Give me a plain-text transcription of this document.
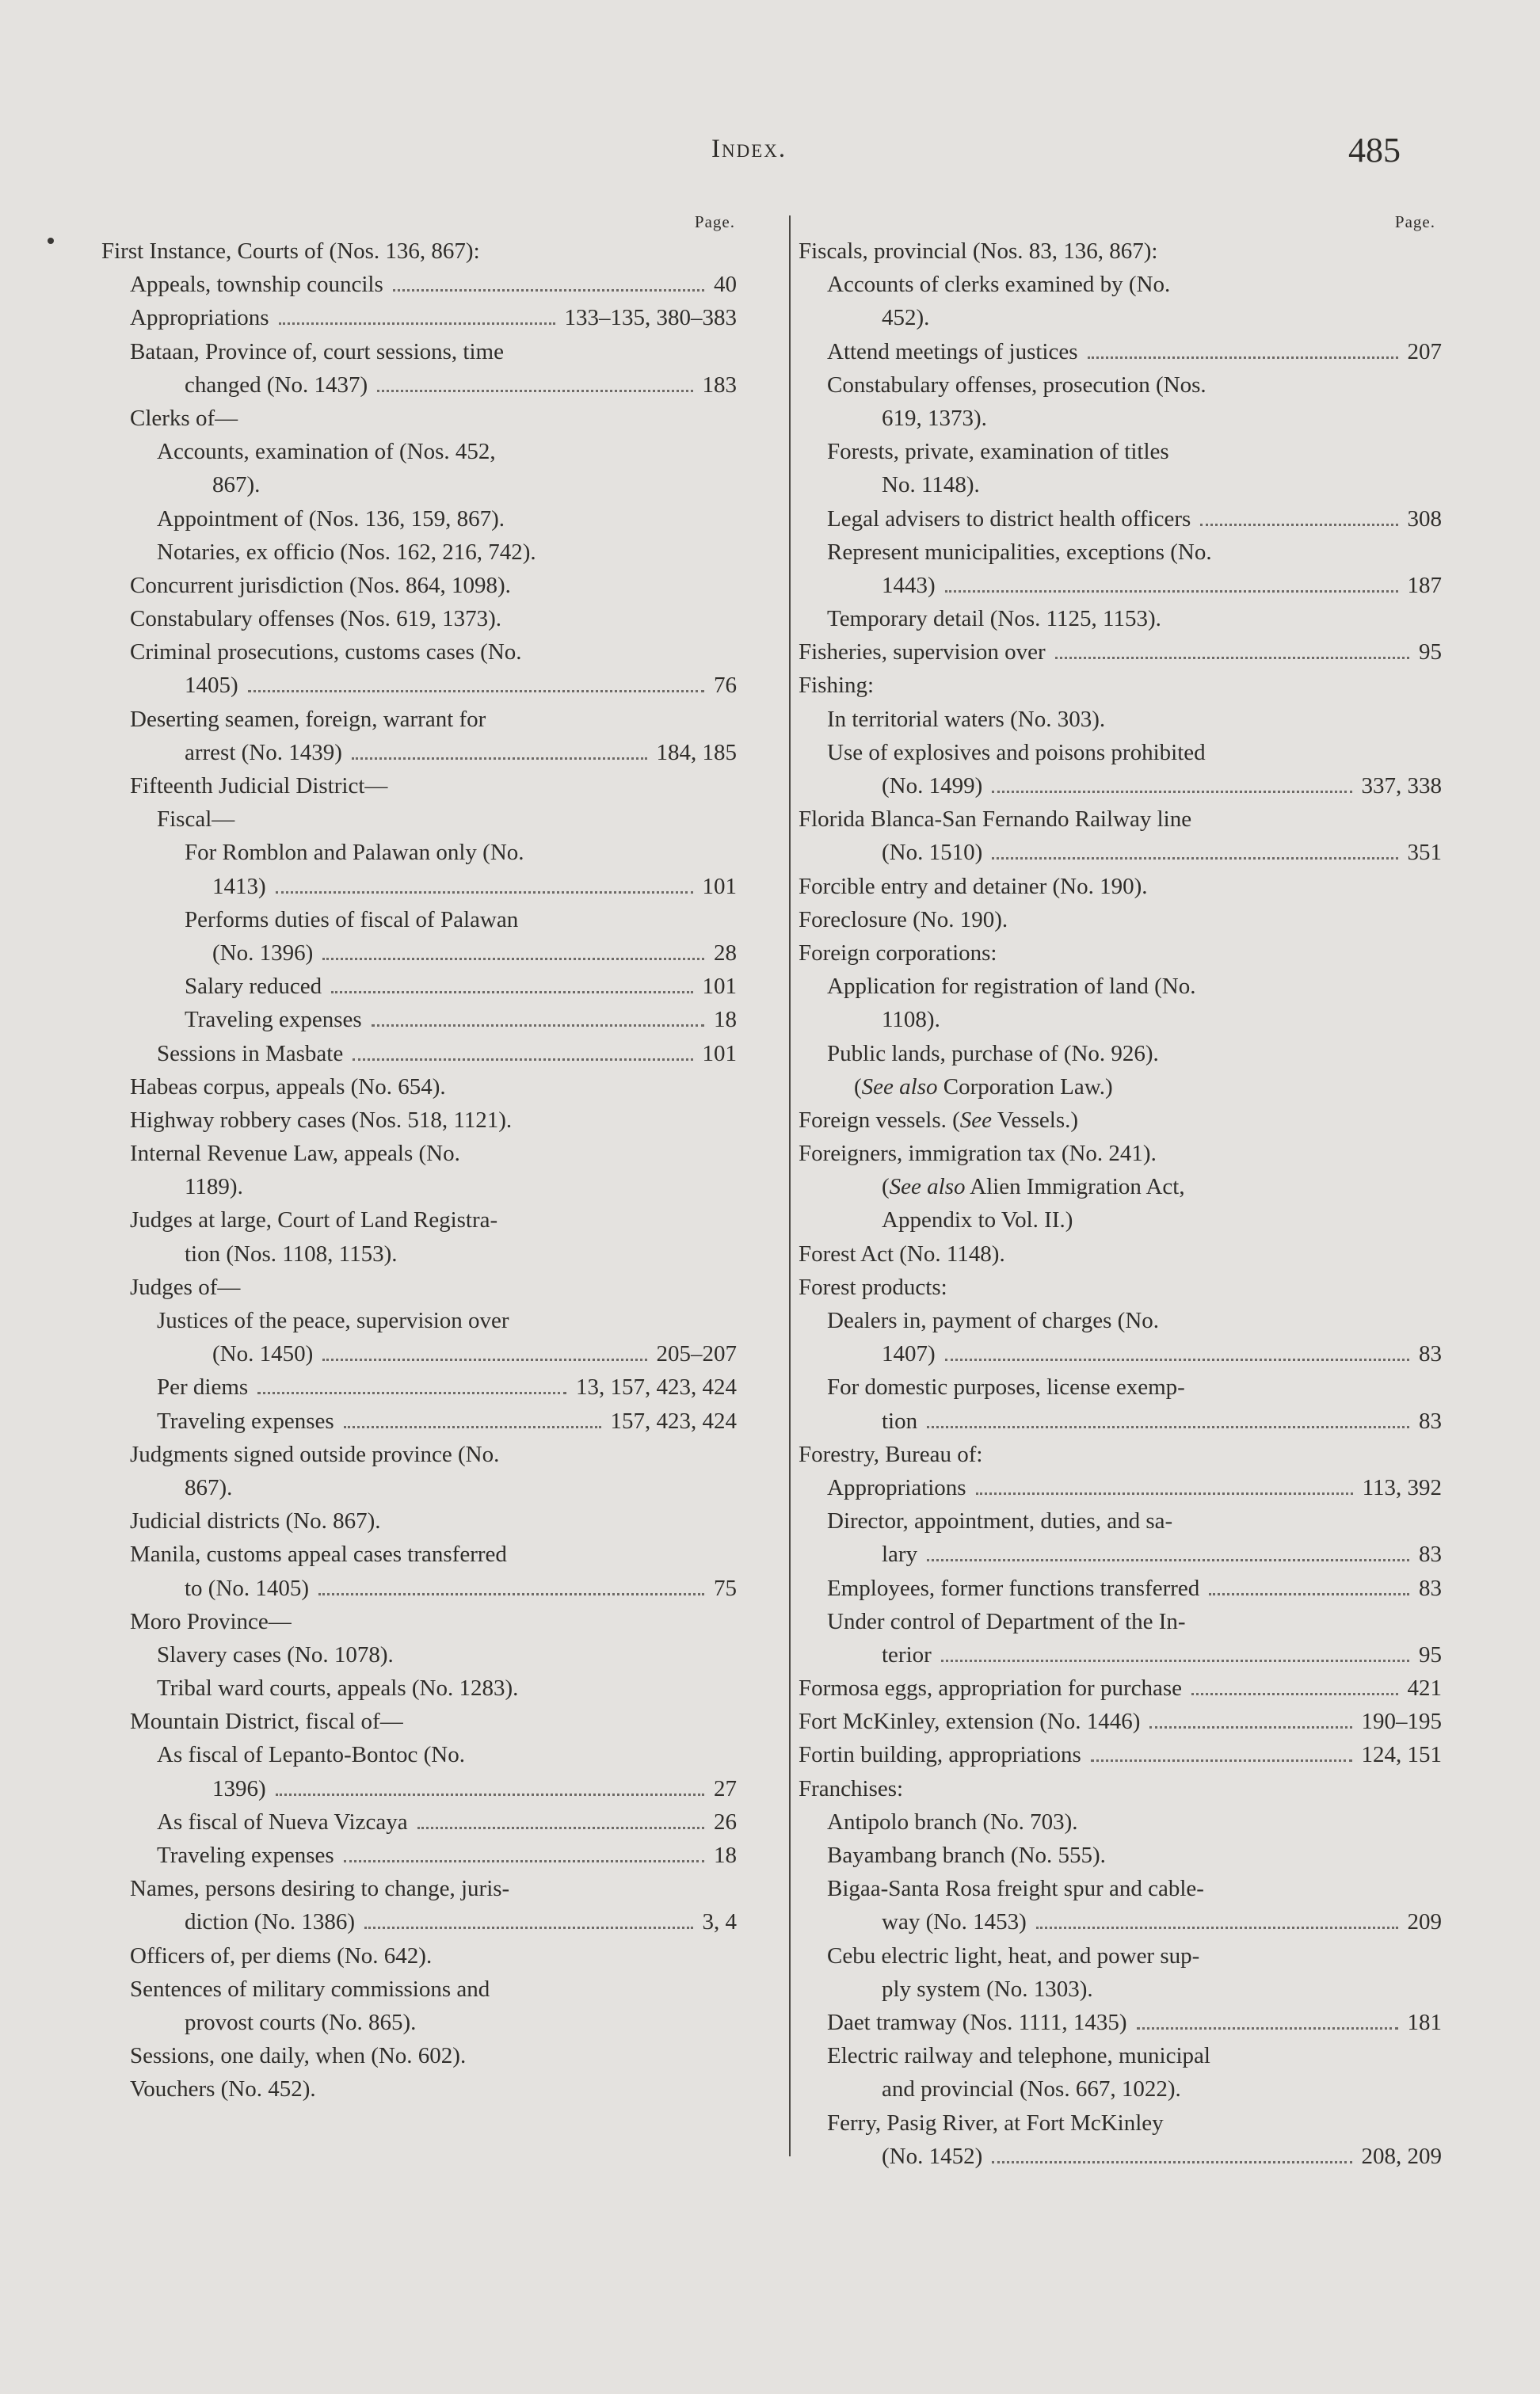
Index.	485
Page.
First Instance, Courts of (Nos. 136, 867):
Appeals, township councils	40
Appropriations	133–135, 380–383
Bataan, Province of, court sessions, time
changed (No. 1437)	183
Clerks of—
Accounts, examination of (Nos. 452,
867).
Appointment of (Nos. 136, 159, 867).
Notaries, ex officio (Nos. 162, 216, 742).
Concurrent jurisdiction (Nos. 864, 1098).
Constabulary offenses (Nos. 619, 1373).
Criminal prosecutions, customs cases (No.
1405)	76
Deserting seamen, foreign, warrant for
arrest (No. 1439)	184, 185
Fifteenth Judicial District—
Fiscal—
For Romblon and Palawan only (No.
1413)	101
Performs duties of fiscal of Palawan
(No. 1396)	28
Salary reduced	101
Traveling expenses	18
Sessions in Masbate	101
Habeas corpus, appeals (No. 654).
Highway robbery cases (Nos. 518, 1121).
Internal Revenue Law, appeals (No.
1189).
Judges at large, Court of Land Registra-
tion (Nos. 1108, 1153).
Judges of—
Justices of the peace, supervision over
(No. 1450)	205–207
Per diems	13, 157, 423, 424
Traveling expenses	157, 423, 424
Judgments signed outside province (No.
867).
Judicial districts (No. 867).
Manila, customs appeal cases transferred
to (No. 1405)	75
Moro Province—
Slavery cases (No. 1078).
Tribal ward courts, appeals (No. 1283).
Mountain District, fiscal of—
As fiscal of Lepanto-Bontoc (No.
1396)	27
As fiscal of Nueva Vizcaya	26
Traveling expenses	18
Names, persons desiring to change, juris-
diction (No. 1386)	3, 4
Officers of, per diems (No. 642).
Sentences of military commissions and
provost courts (No. 865).
Sessions, one daily, when (No. 602).
Vouchers (No. 452).
Page.
Fiscals, provincial (Nos. 83, 136, 867):
Accounts of clerks examined by (No.
452).
Attend meetings of justices	207
Constabulary offenses, prosecution (Nos.
619, 1373).
Forests, private, examination of titles
No. 1148).
Legal advisers to district health officers	308
Represent municipalities, exceptions (No.
1443)	187
Temporary detail (Nos. 1125, 1153).
Fisheries, supervision over	95
Fishing:
In territorial waters (No. 303).
Use of explosives and poisons prohibited
(No. 1499)	337, 338
Florida Blanca-San Fernando Railway line
(No. 1510)	351
Forcible entry and detainer (No. 190).
Foreclosure (No. 190).
Foreign corporations:
Application for registration of land (No.
1108).
Public lands, purchase of (No. 926).
(See also Corporation Law.)
Foreign vessels. (See Vessels.)
Foreigners, immigration tax (No. 241).
(See also Alien Immigration Act,
Appendix to Vol. II.)
Forest Act (No. 1148).
Forest products:
Dealers in, payment of charges (No.
1407)	83
For domestic purposes, license exemp-
tion	83
Forestry, Bureau of:
Appropriations	113, 392
Director, appointment, duties, and sa-
lary	83
Employees, former functions transferred	83
Under control of Department of the In-
terior	95
Formosa eggs, appropriation for purchase	421
Fort McKinley, extension (No. 1446)	190–195
Fortin building, appropriations	124, 151
Franchises:
Antipolo branch (No. 703).
Bayambang branch (No. 555).
Bigaa-Santa Rosa freight spur and cable-
way (No. 1453)	209
Cebu electric light, heat, and power sup-
ply system (No. 1303).
Daet tramway (Nos. 1111, 1435)	181
Electric railway and telephone, municipal
and provincial (Nos. 667, 1022).
Ferry, Pasig River, at Fort McKinley
(No. 1452)	208, 209
